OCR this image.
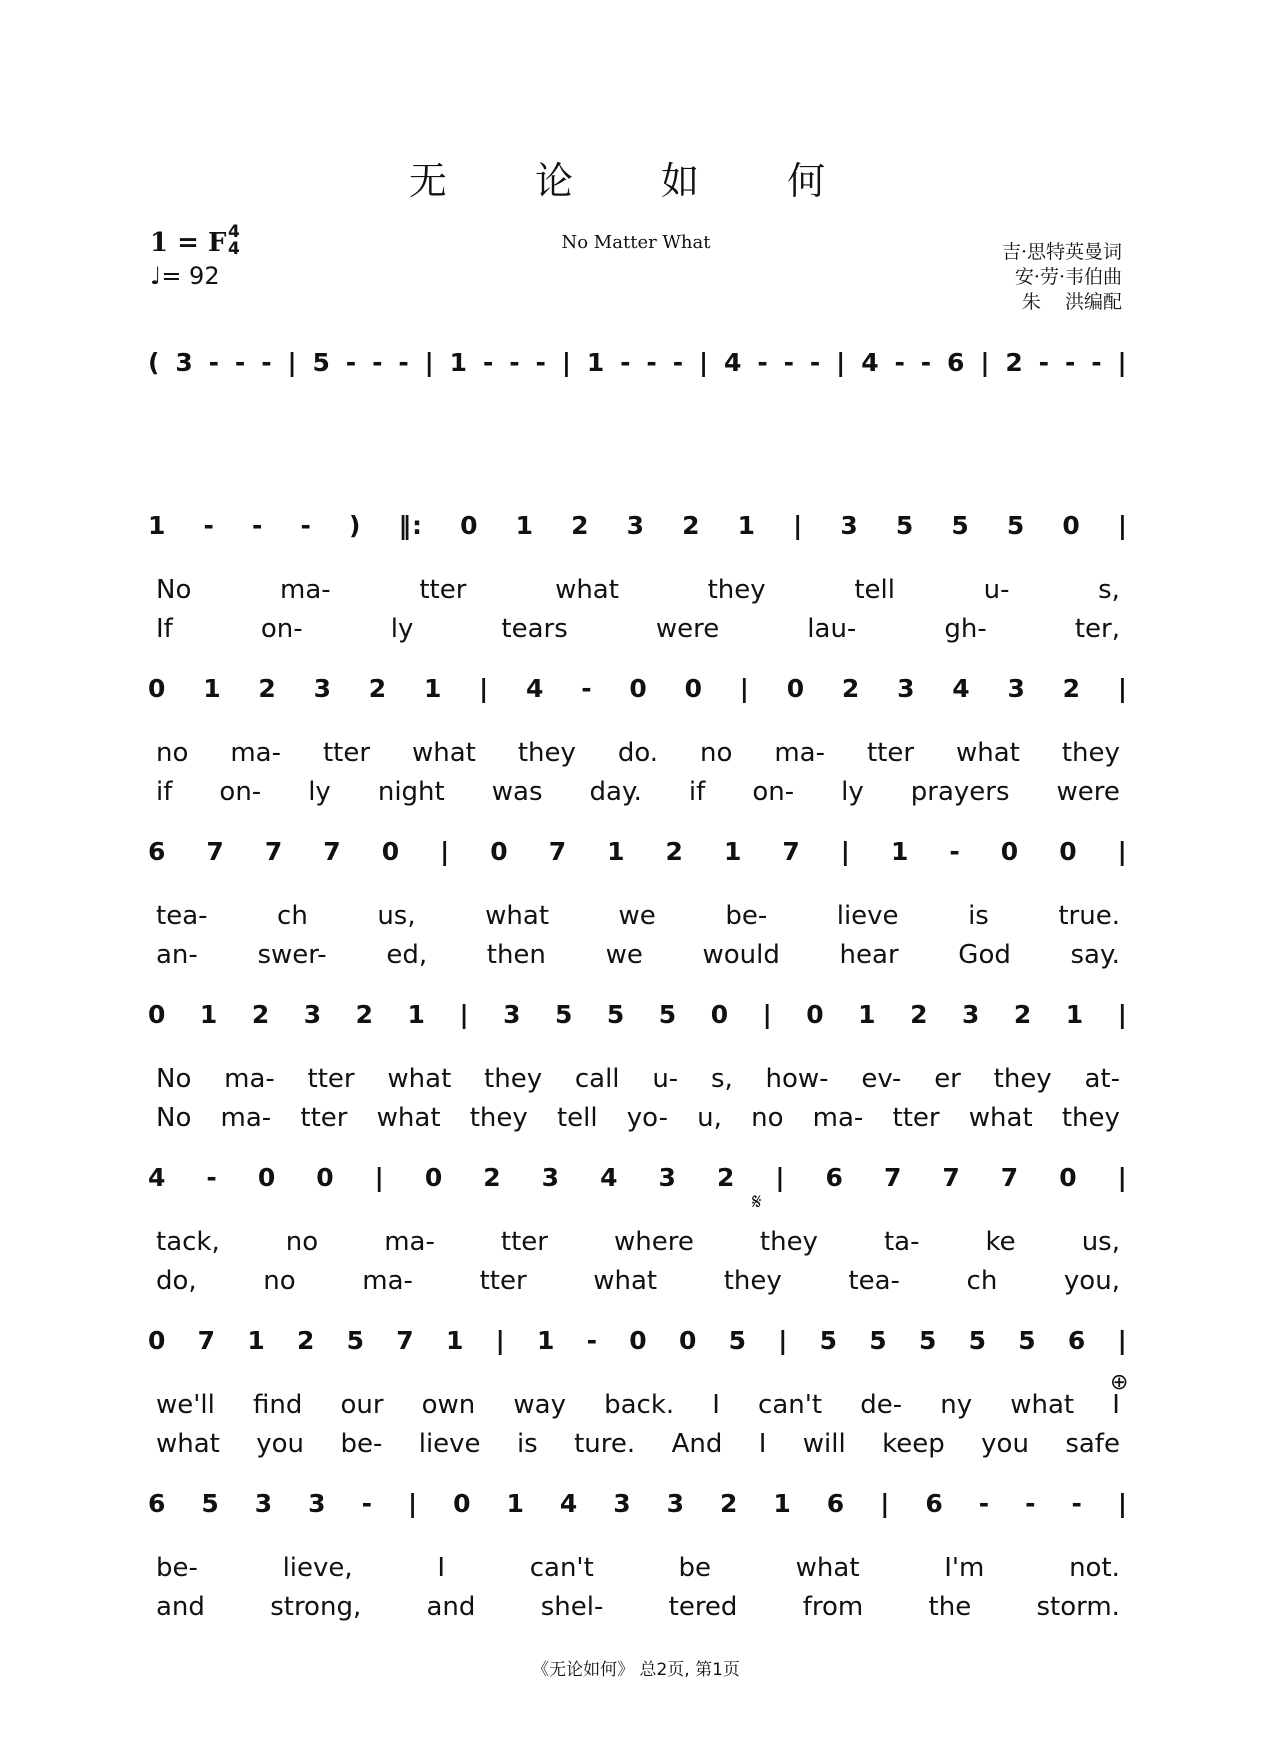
无 论 如 何
No Matter What
1 = F 4
4
♩= 92
吉·思特英曼词
安·劳·韦伯曲
朱    洪编配
( 3 - - - | 5 - - - | 1 - - - | 1 - - - | 4 - - - | 4 - - 6 | 2 - - - |
1 - - - ) ‖: 0 1 2 3 2 1 | 3 5 5 5 0 |
No	ma-	tter	what	they	tell	u-	s,
If	on-	ly	tears	were	lau-	gh-	ter,
0 1 2 3 2 1 | 4 - 0 0 | 0 2 3 4 3 2 |
no ma- tter what they do. no ma- tter what they
if on- ly night was day. if on- ly prayers were
6 7 7 7 0 | 0 7 1 2 1 7 | 1 - 0 0 |
tea-	ch	us,	what	we	be-	lieve	is	true.
an- swer- ed, then we would hear God say.
0 1 2 3 2 1 | 3 5 5 5 0 | 0 1 2 3 2 1 |
No ma- tter what they call u- s, how- ev- er they at-
No ma- tter what they tell yo- u, no ma- tter what they
4 - 0 0 | 0 2 3 4 3 2 | 6 7 7 7 0 |
tack,	no	ma-	tter	where	they	ta-	ke	us,
do,	no	ma-	tter	what	they	tea-	ch	you,
0 7 1 2 5 7 1 | 1 - 0 0 5 | 5 5 5 5 5 6 |
we'll find our own way back. I can't de- ny what I
what you be- lieve is ture. And I will keep you safe
6 5 3 3 - | 0 1 4 3 3 2 1 6 | 6 - - - |
be-	lieve,	I	can't	be	what	I'm	not.
and	strong,	and	shel-	tered	from	the	storm.
𝄋
⊕
《无论如何》 总2页, 第1页
